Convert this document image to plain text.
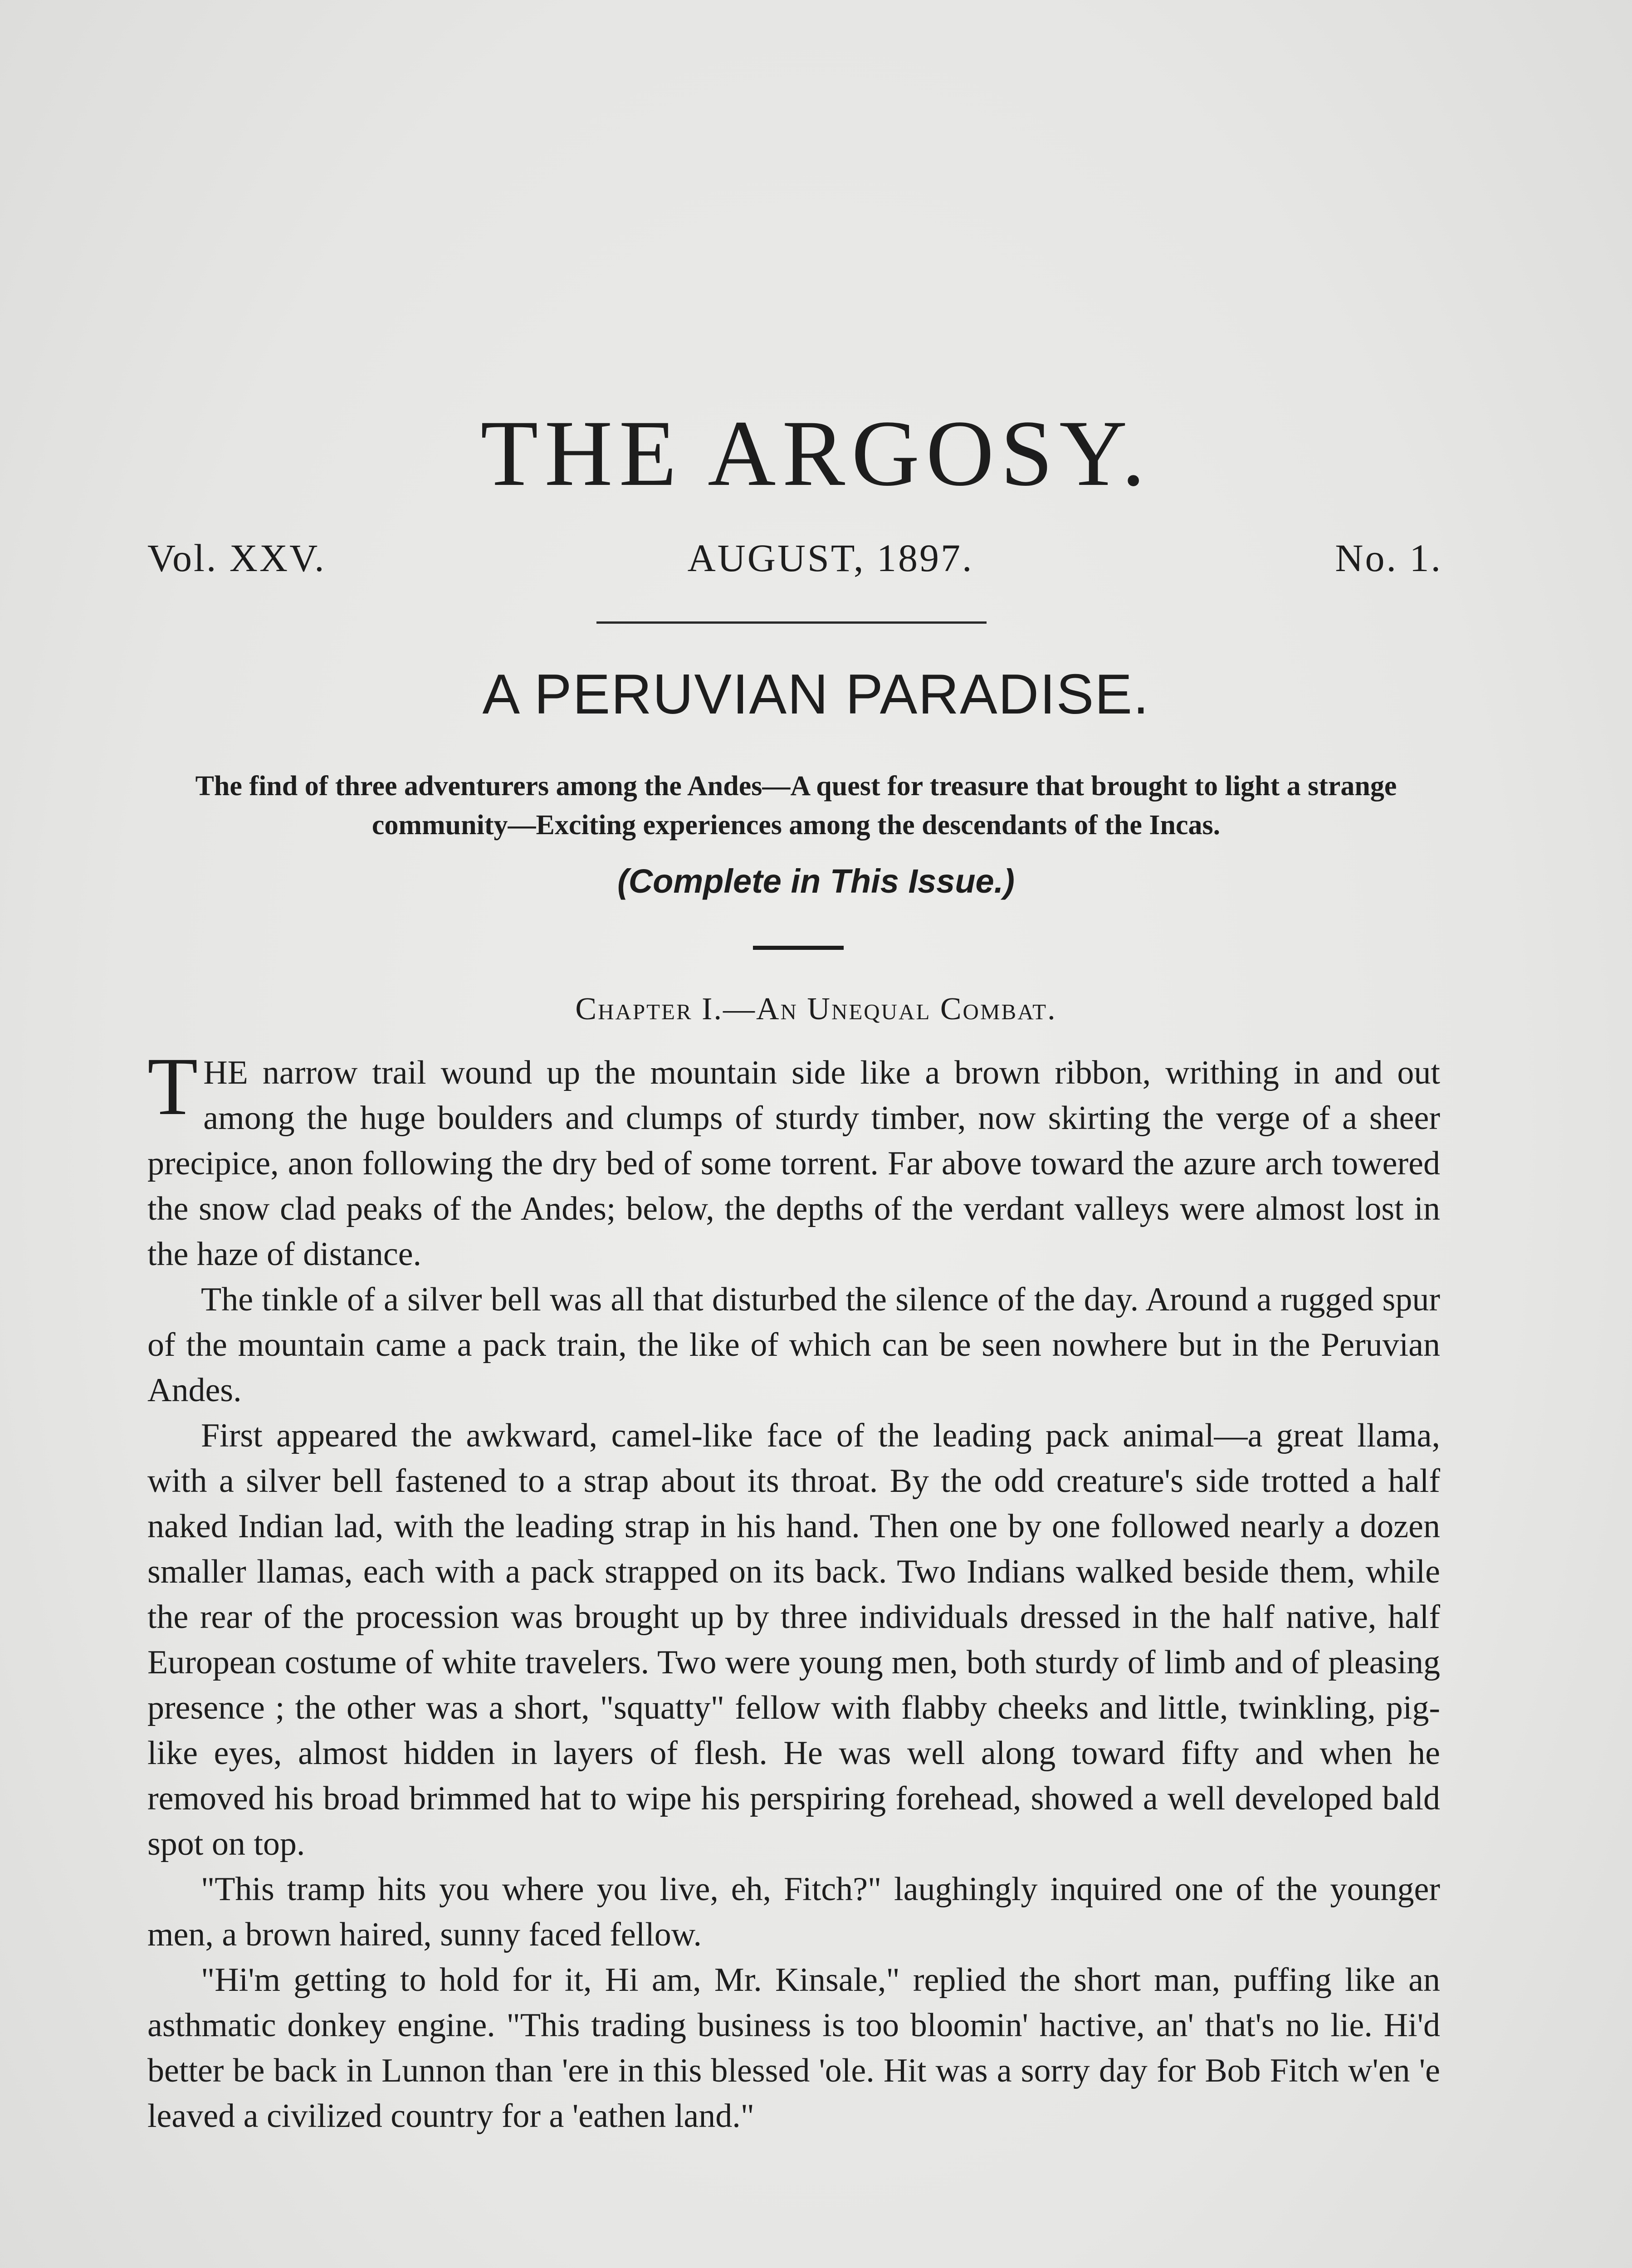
THE ARGOSY.
Vol. XXV.	AUGUST, 1897.	No. 1.
A PERUVIAN PARADISE.
The find of three adventurers among the Andes—A quest for treasure that brought to light a strange community—Exciting experiences among the descendants of the Incas.
(Complete in This Issue.)
Chapter I.—An Unequal Combat.

THE narrow trail wound up the mountain side like a brown ribbon, writhing in and out among the huge boulders and clumps of sturdy timber, now skirting the verge of a sheer precipice, anon following the dry bed of some torrent. Far above toward the azure arch towered the snow clad peaks of the Andes; below, the depths of the verdant valleys were almost lost in the haze of distance.

The tinkle of a silver bell was all that disturbed the silence of the day. Around a rugged spur of the mountain came a pack train, the like of which can be seen nowhere but in the Peruvian Andes.

First appeared the awkward, camel-like face of the leading pack animal—a great llama, with a silver bell fastened to a strap about its throat. By the odd creature's side trotted a half naked Indian lad, with the leading strap in his hand. Then one by one followed nearly a dozen smaller llamas, each with a pack strapped on its back. Two Indians walked beside them, while the rear of the procession was brought up by three individuals dressed in the half native, half European costume of white travelers. Two were young men, both sturdy of limb and of pleasing presence ; the other was a short, "squatty" fellow with flabby cheeks and little, twinkling, pig-like eyes, almost hidden in layers of flesh. He was well along toward fifty and when he removed his broad brimmed hat to wipe his perspiring forehead, showed a well developed bald spot on top.

"This tramp hits you where you live, eh, Fitch?" laughingly inquired one of the younger men, a brown haired, sunny faced fellow.

"Hi'm getting to hold for it, Hi am, Mr. Kinsale," replied the short man, puffing like an asthmatic donkey engine. "This trading business is too bloomin' hactive, an' that's no lie. Hi'd better be back in Lunnon than 'ere in this blessed 'ole. Hit was a sorry day for Bob Fitch w'en 'e leaved a civilized country for a 'eathen land."
